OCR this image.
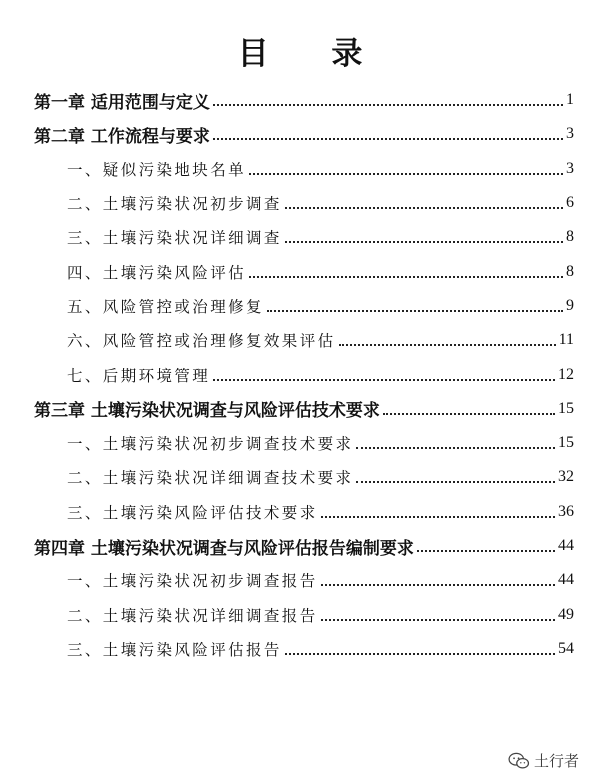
目 录
第一章 适用范围与定义	1
第二章 工作流程与要求	3
一、疑似污染地块名单	3
二、土壤污染状况初步调查	6
三、土壤污染状况详细调查	8
四、土壤污染风险评估	8
五、风险管控或治理修复	9
六、风险管控或治理修复效果评估	11
七、后期环境管理	12
第三章 土壤污染状况调查与风险评估技术要求	15
一、土壤污染状况初步调查技术要求	15
二、土壤污染状况详细调查技术要求	32
三、土壤污染风险评估技术要求	36
第四章 土壤污染状况调查与风险评估报告编制要求	44
一、土壤污染状况初步调查报告	44
二、土壤污染状况详细调查报告	49
三、土壤污染风险评估报告	54
土行者
